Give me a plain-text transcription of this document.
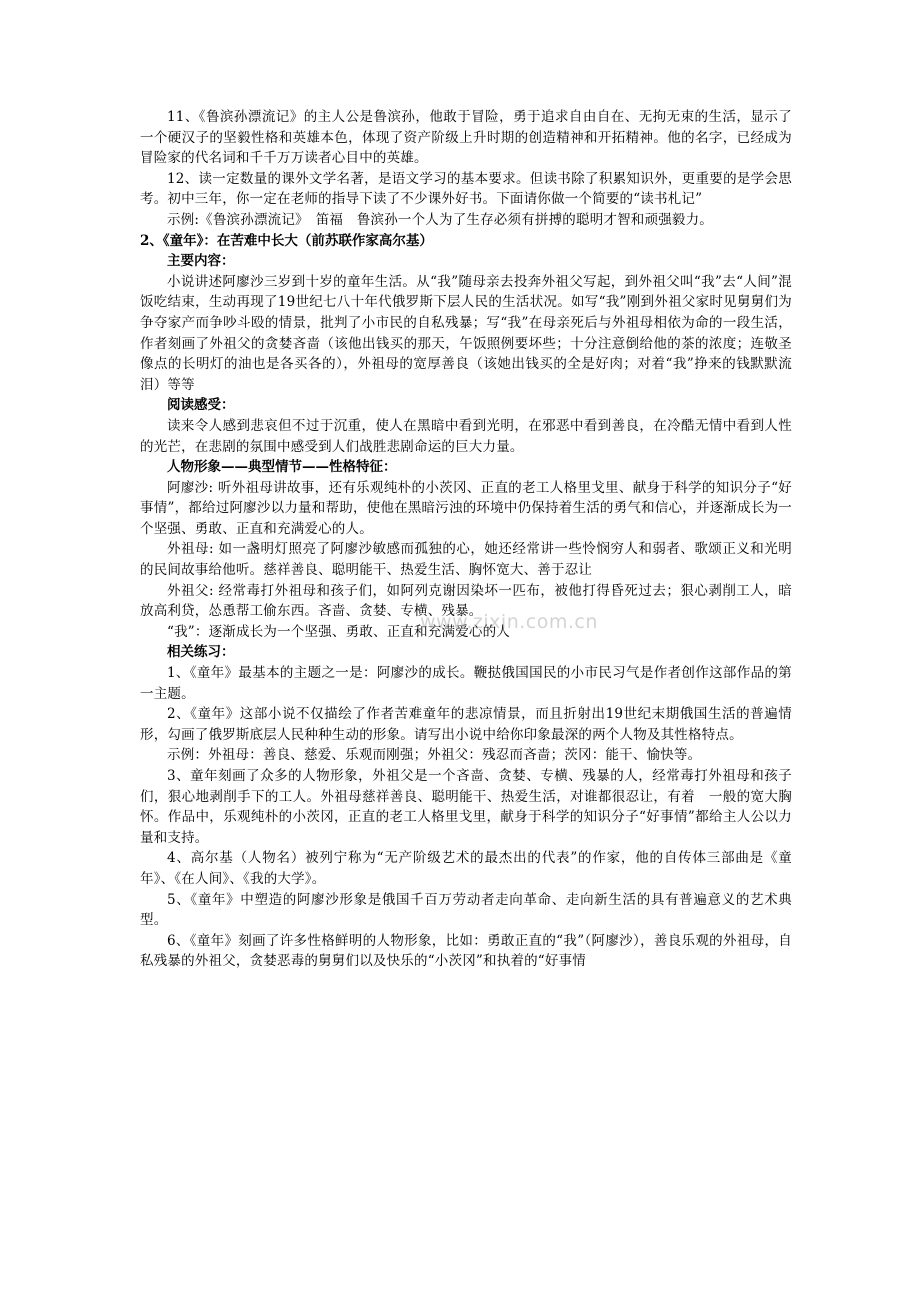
11、《鲁滨孙漂流记》的主人公是鲁滨孙，他敢于冒险，勇于追求自由自在、无拘无束的生活，显示了一个硬汉子的坚毅性格和英雄本色，体现了资产阶级上升时期的创造精神和开拓精神。他的名字，已经成为冒险家的代名词和千千万万读者心目中的英雄。

12、读一定数量的课外文学名著，是语文学习的基本要求。但读书除了积累知识外，更重要的是学会思考。初中三年，你一定在老师的指导下读了不少课外好书。下面请你做一个简要的“读书札记”

示例:《鲁滨孙漂流记》　笛福　鲁滨孙一个人为了生存必须有拼搏的聪明才智和顽强毅力。

2、《童年》：在苦难中长大（前苏联作家高尔基）

主要内容：

小说讲述阿廖沙三岁到十岁的童年生活。从“我”随母亲去投奔外祖父写起，到外祖父叫“我”去“人间”混饭吃结束，生动再现了19世纪七八十年代俄罗斯下层人民的生活状况。如写“我”刚到外祖父家时见舅舅们为争夺家产而争吵斗殴的情景，批判了小市民的自私残暴；写“我”在母亲死后与外祖母相依为命的一段生活，作者刻画了外祖父的贪婪吝啬（该他出钱买的那天，午饭照例要坏些；十分注意倒给他的茶的浓度；连敬圣像点的长明灯的油也是各买各的），外祖母的宽厚善良（该她出钱买的全是好肉；对着“我”挣来的钱默默流泪）等等

阅读感受：

读来令人感到悲哀但不过于沉重，使人在黑暗中看到光明，在邪恶中看到善良，在冷酷无情中看到人性的光芒，在悲剧的氛围中感受到人们战胜悲剧命运的巨大力量。

人物形象——典型情节——性格特征：

阿廖沙: 听外祖母讲故事，还有乐观纯朴的小茨冈、正直的老工人格里戈里、献身于科学的知识分子“好事情”，都给过阿廖沙以力量和帮助，使他在黑暗污浊的环境中仍保持着生活的勇气和信心，并逐渐成长为一个坚强、勇敢、正直和充满爱心的人。

外祖母: 如一盏明灯照亮了阿廖沙敏感而孤独的心，她还经常讲一些怜悯穷人和弱者、歌颂正义和光明的民间故事给他听。慈祥善良、聪明能干、热爱生活、胸怀宽大、善于忍让

外祖父: 经常毒打外祖母和孩子们，如阿列克谢因染坏一匹布，被他打得昏死过去；狠心剥削工人，暗放高利贷，怂恿帮工偷东西。吝啬、贪婪、专横、残暴。

“我”：逐渐成长为一个坚强、勇敢、正直和充满爱心的人

相关练习：

1、《童年》最基本的主题之一是：阿廖沙的成长。鞭挞俄国国民的小市民习气是作者创作这部作品的第一主题。

2、《童年》这部小说不仅描绘了作者苦难童年的悲凉情景，而且折射出19世纪末期俄国生活的普遍情形，勾画了俄罗斯底层人民种种生动的形象。请写出小说中给你印象最深的两个人物及其性格特点。

示例：外祖母：善良、慈爱、乐观而刚强；外祖父：残忍而吝啬；茨冈：能干、愉快等。

3、童年刻画了众多的人物形象，外祖父是一个吝啬、贪婪、专横、残暴的人，经常毒打外祖母和孩子们，狠心地剥削手下的工人。外祖母慈祥善良、聪明能干、热爱生活，对谁都很忍让，有着　一般的宽大胸怀。作品中，乐观纯朴的小茨冈，正直的老工人格里戈里，献身于科学的知识分子“好事情”都给主人公以力量和支持。

4、高尔基（人物名）被列宁称为“无产阶级艺术的最杰出的代表”的作家，他的自传体三部曲是《童年》、《在人间》、《我的大学》。

5、《童年》中塑造的阿廖沙形象是俄国千百万劳动者走向革命、走向新生活的具有普遍意义的艺术典型。

6、《童年》刻画了许多性格鲜明的人物形象，比如：勇敢正直的“我”（阿廖沙），善良乐观的外祖母，自私残暴的外祖父，贪婪恶毒的舅舅们以及快乐的“小茨冈”和执着的“好事情

www.zixin.com.cn
